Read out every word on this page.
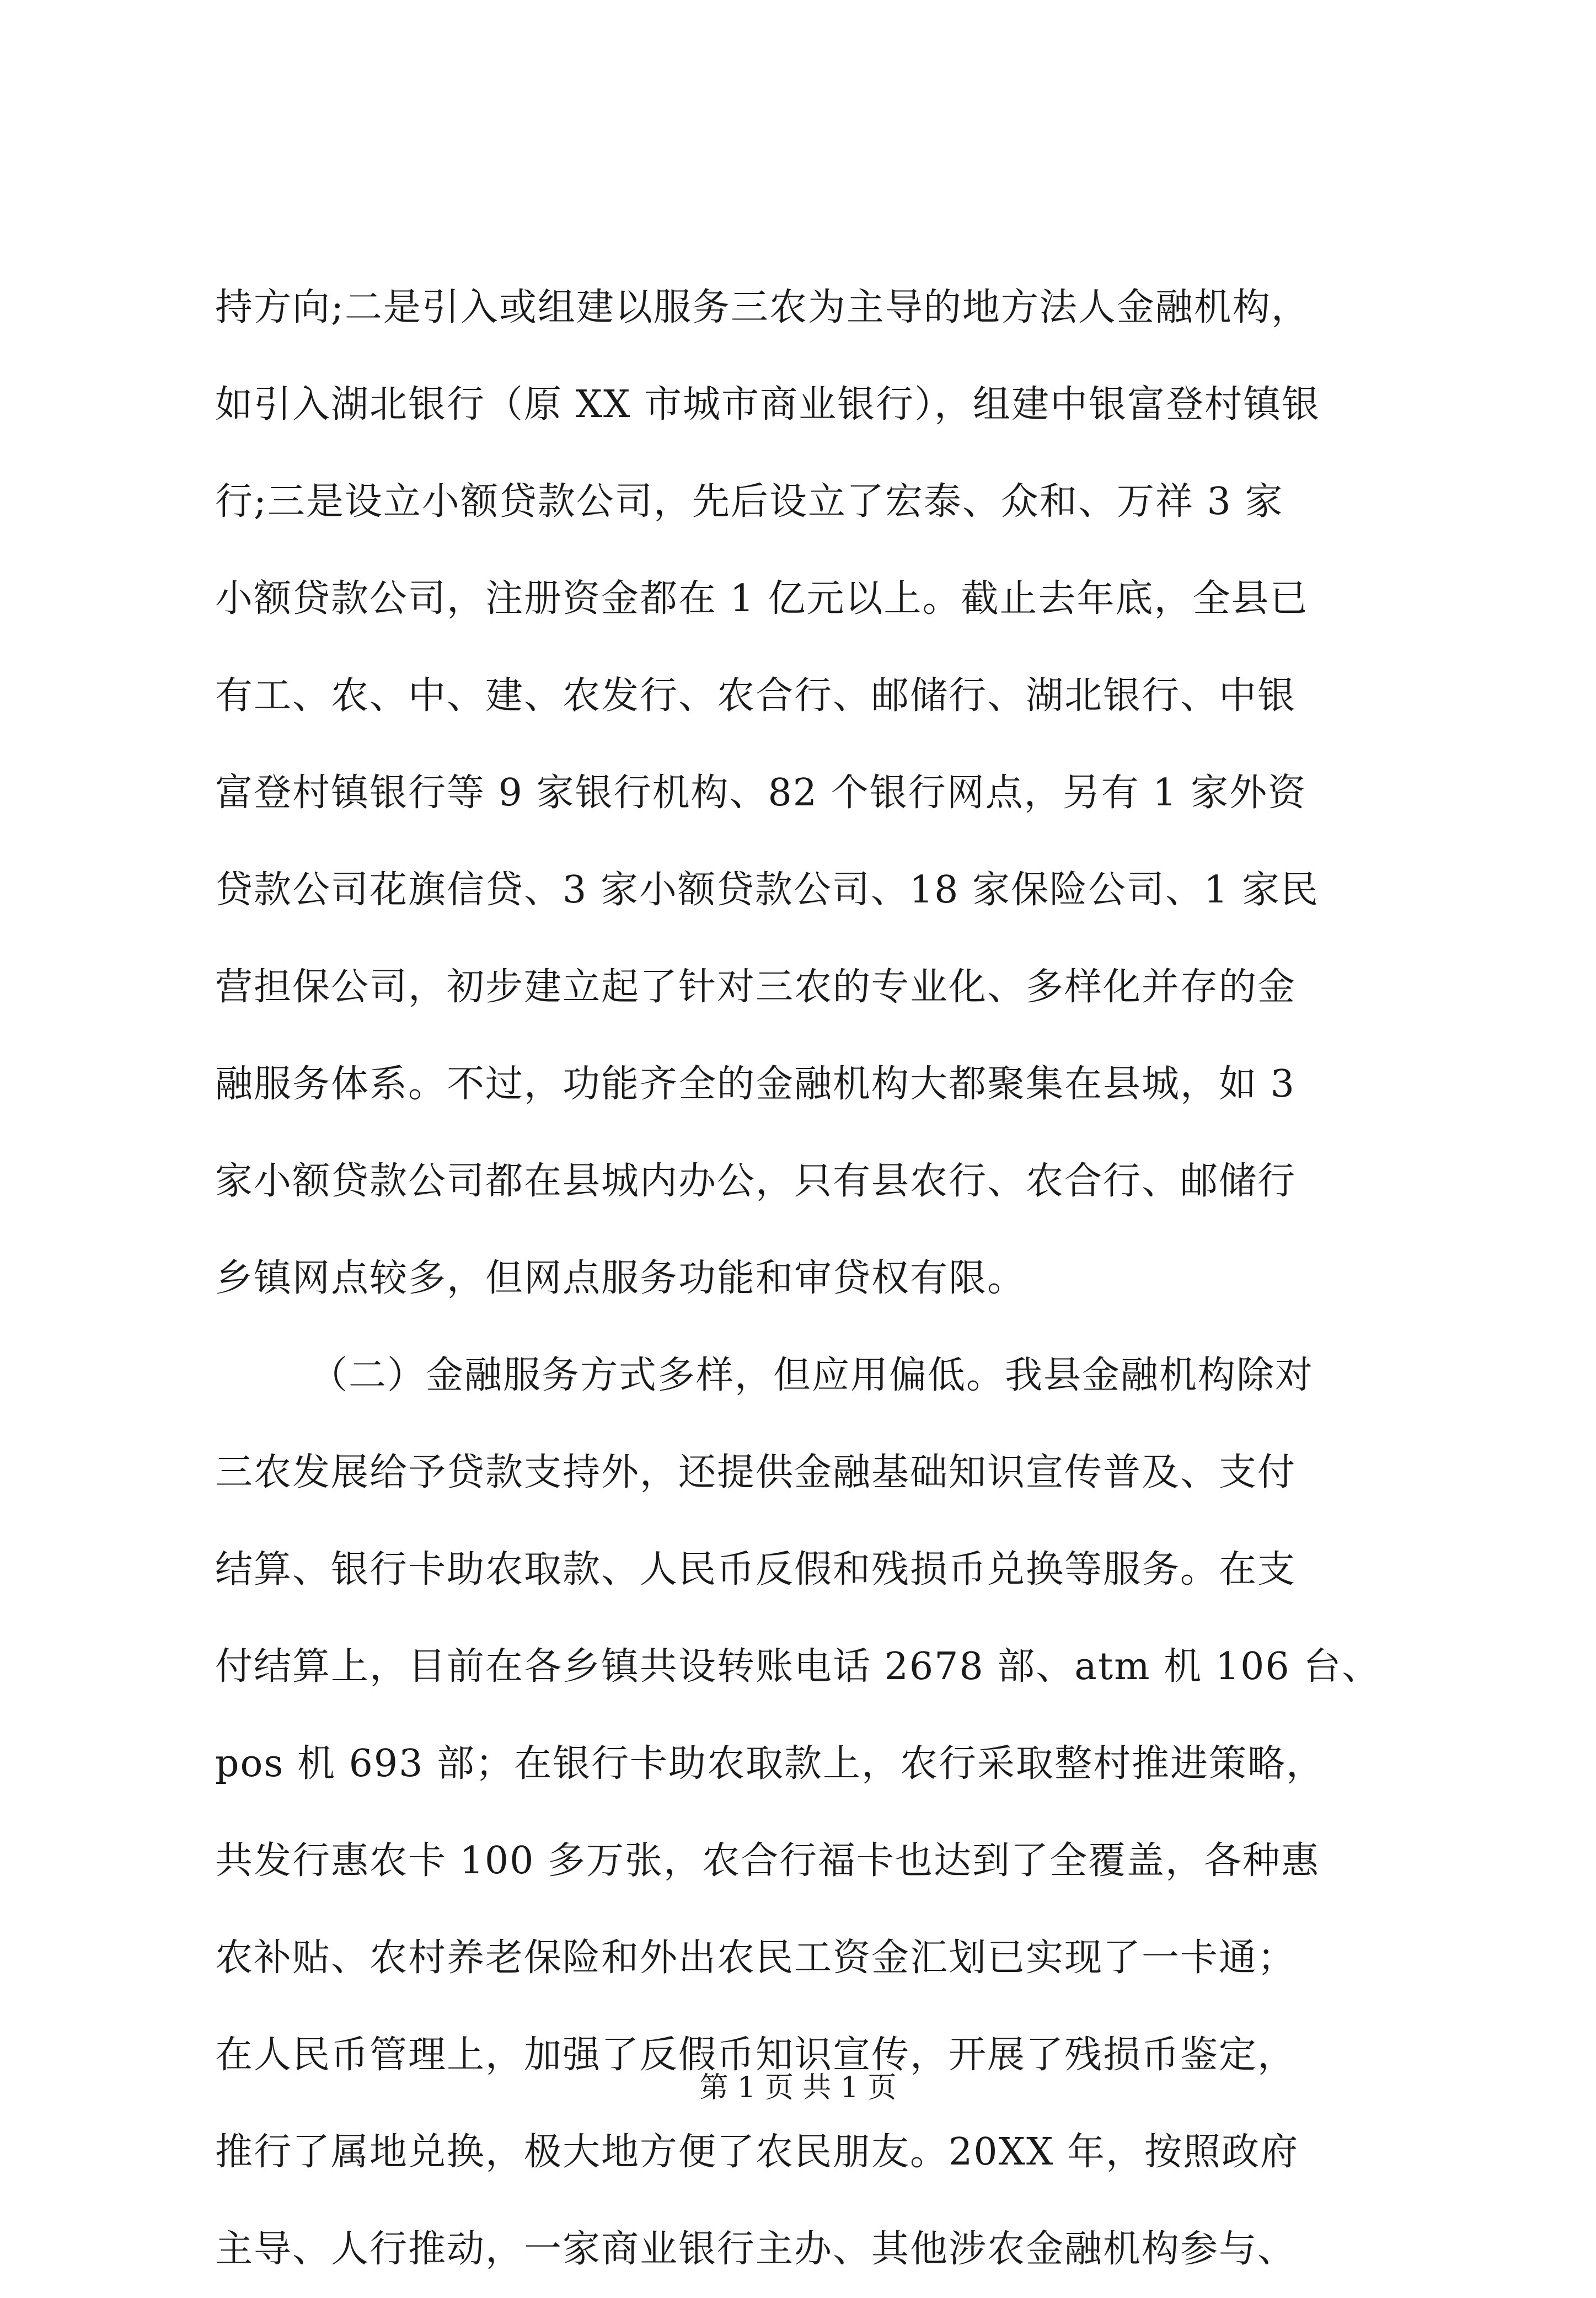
持方向;二是引入或组建以服务三农为主导的地方法人金融机构，
如引入湖北银行（原 XX 市城市商业银行），组建中银富登村镇银
行;三是设立小额贷款公司，先后设立了宏泰、众和、万祥 3 家
小额贷款公司，注册资金都在 1 亿元以上。截止去年底，全县已
有工、农、中、建、农发行、农合行、邮储行、湖北银行、中银
富登村镇银行等 9 家银行机构、82 个银行网点，另有 1 家外资
贷款公司花旗信贷、3 家小额贷款公司、18 家保险公司、1 家民
营担保公司，初步建立起了针对三农的专业化、多样化并存的金
融服务体系。不过，功能齐全的金融机构大都聚集在县城，如 3
家小额贷款公司都在县城内办公，只有县农行、农合行、邮储行
乡镇网点较多，但网点服务功能和审贷权有限。
（二）金融服务方式多样，但应用偏低。我县金融机构除对
三农发展给予贷款支持外，还提供金融基础知识宣传普及、支付
结算、银行卡助农取款、人民币反假和残损币兑换等服务。在支
付结算上，目前在各乡镇共设转账电话 2678 部、atm 机 106 台、
pos 机 693 部；在银行卡助农取款上，农行采取整村推进策略，
共发行惠农卡 100 多万张，农合行福卡也达到了全覆盖，各种惠
农补贴、农村养老保险和外出农民工资金汇划已实现了一卡通；
在人民币管理上，加强了反假币知识宣传，开展了残损币鉴定，
推行了属地兑换，极大地方便了农民朋友。20XX 年，按照政府
主导、人行推动，一家商业银行主办、其他涉农金融机构参与、
第 1 页 共 1 页
